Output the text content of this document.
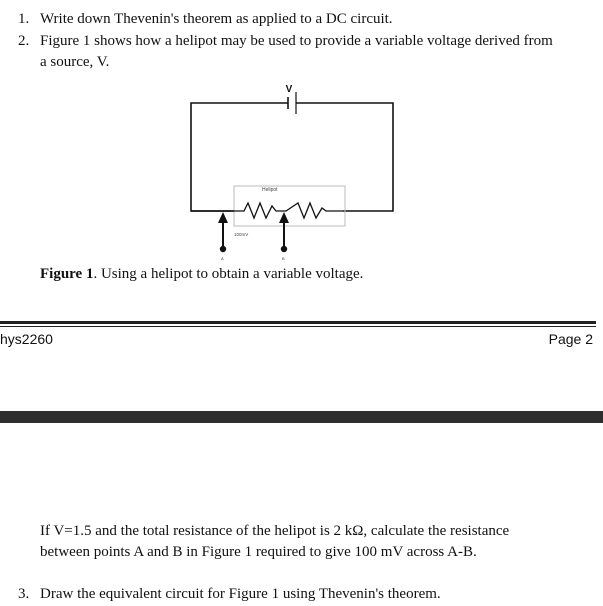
1. Write down Thevenin's theorem as applied to a DC circuit.
2. Figure 1 shows how a helipot may be used to provide a variable voltage derived from
a source, V.
V
Helipot
100mV
A	B
Figure 1. Using a helipot to obtain a variable voltage.
hys2260	Page 2
If V=1.5 and the total resistance of the helipot is 2 kΩ, calculate the resistance
between points A and B in Figure 1 required to give 100 mV across A-B.
3. Draw the equivalent circuit for Figure 1 using Thevenin's theorem.
